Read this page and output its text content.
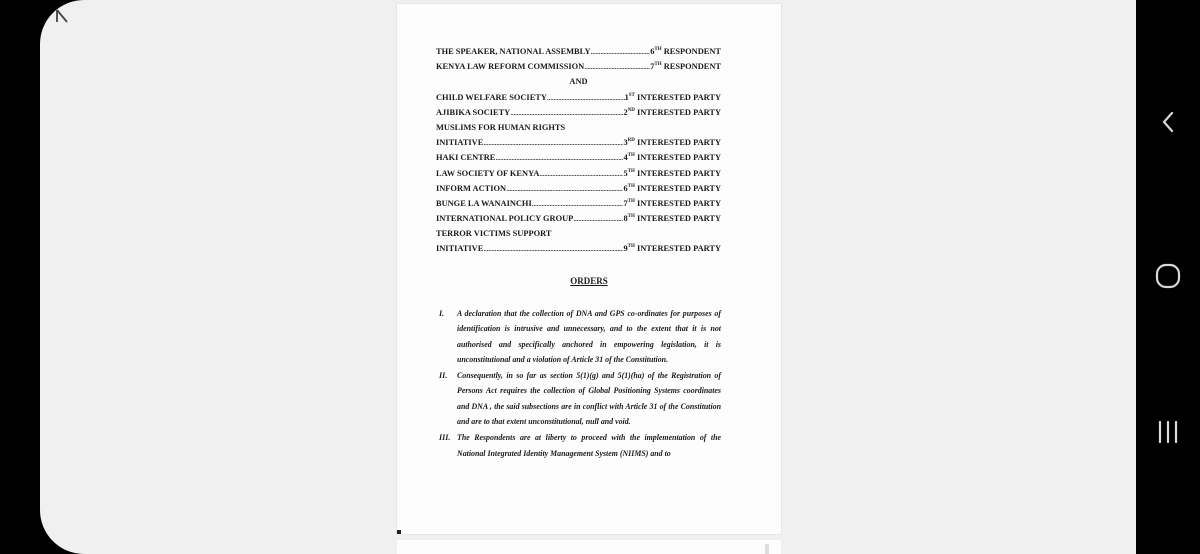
THE SPEAKER, NATIONAL ASSEMBLY .....	6TH RESPONDENT
KENYA LAW REFORM COMMISSION .....	7TH RESPONDENT
AND
CHILD WELFARE SOCIETY .....	1ST INTERESTED PARTY
AJIBIKA SOCIETY .....	2ND INTERESTED PARTY
MUSLIMS FOR HUMAN RIGHTS
INITIATIVE .....	3RD INTERESTED PARTY
HAKI CENTRE .....	4TH INTERESTED PARTY
LAW SOCIETY OF KENYA .....	5TH INTERESTED PARTY
INFORM ACTION .....	6TH INTERESTED PARTY
BUNGE LA WANAINCHI .....	7TH INTERESTED PARTY
INTERNATIONAL POLICY GROUP .....	8TH INTERESTED PARTY
TERROR VICTIMS SUPPORT
INITIATIVE .....	9TH INTERESTED PARTY
ORDERS
I.	A declaration that the collection of DNA and GPS co-ordinates for purposes of identification is intrusive and unnecessary, and to the extent that it is not authorised and specifically anchored in empowering legislation, it is unconstitutional and a violation of Article 31 of the Constitution.
II.	Consequently, in so far as section 5(1)(g) and 5(1)(ha) of the Registration of Persons Act requires the collection of Global Positioning Systems coordinates and DNA , the said subsections are in conflict with Article 31 of the Constitution and are to that extent unconstitutional, null and void.
III. The Respondents are at liberty to proceed with the implementation of the National Integrated Identity Management System (NIIMS) and to
